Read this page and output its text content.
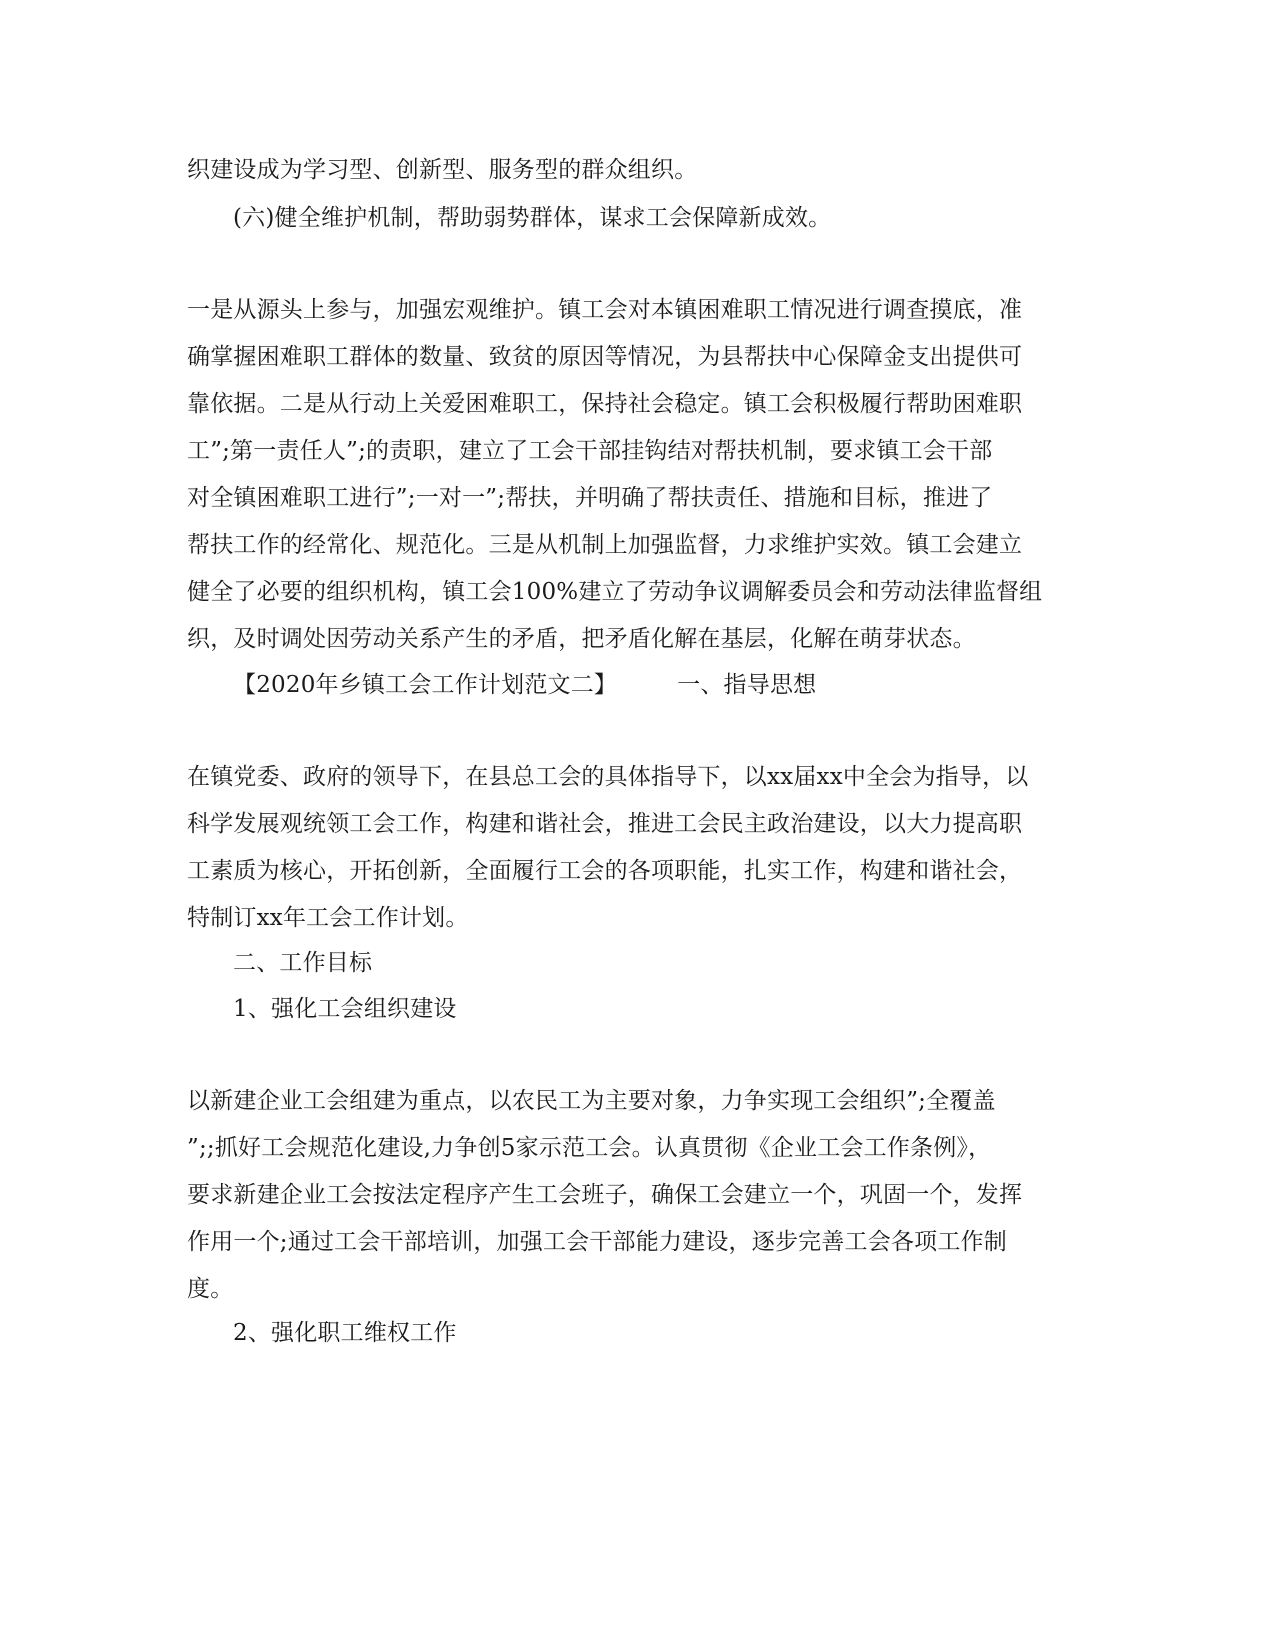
织建设成为学习型、创新型、服务型的群众组织。
(六)健全维护机制，帮助弱势群体，谋求工会保障新成效。
一是从源头上参与，加强宏观维护。镇工会对本镇困难职工情况进行调查摸底，准
确掌握困难职工群体的数量、致贫的原因等情况，为县帮扶中心保障金支出提供可
靠依据。二是从行动上关爱困难职工，保持社会稳定。镇工会积极履行帮助困难职
工”;第一责任人”;的责职，建立了工会干部挂钩结对帮扶机制，要求镇工会干部
对全镇困难职工进行”;一对一”;帮扶，并明确了帮扶责任、措施和目标，推进了
帮扶工作的经常化、规范化。三是从机制上加强监督，力求维护实效。镇工会建立
健全了必要的组织机构，镇工会100%建立了劳动争议调解委员会和劳动法律监督组
织，及时调处因劳动关系产生的矛盾，把矛盾化解在基层，化解在萌芽状态。
【2020年乡镇工会工作计划范文二】	一、指导思想
在镇党委、政府的领导下，在县总工会的具体指导下，以xx届xx中全会为指导，以
科学发展观统领工会工作，构建和谐社会，推进工会民主政治建设，以大力提高职
工素质为核心，开拓创新，全面履行工会的各项职能，扎实工作，构建和谐社会，
特制订xx年工会工作计划。
二、工作目标
1、强化工会组织建设
以新建企业工会组建为重点，以农民工为主要对象，力争实现工会组织”;全覆盖
”;;抓好工会规范化建设,力争创5家示范工会。认真贯彻《企业工会工作条例》，
要求新建企业工会按法定程序产生工会班子，确保工会建立一个，巩固一个，发挥
作用一个;通过工会干部培训，加强工会干部能力建设，逐步完善工会各项工作制
度。
2、强化职工维权工作
